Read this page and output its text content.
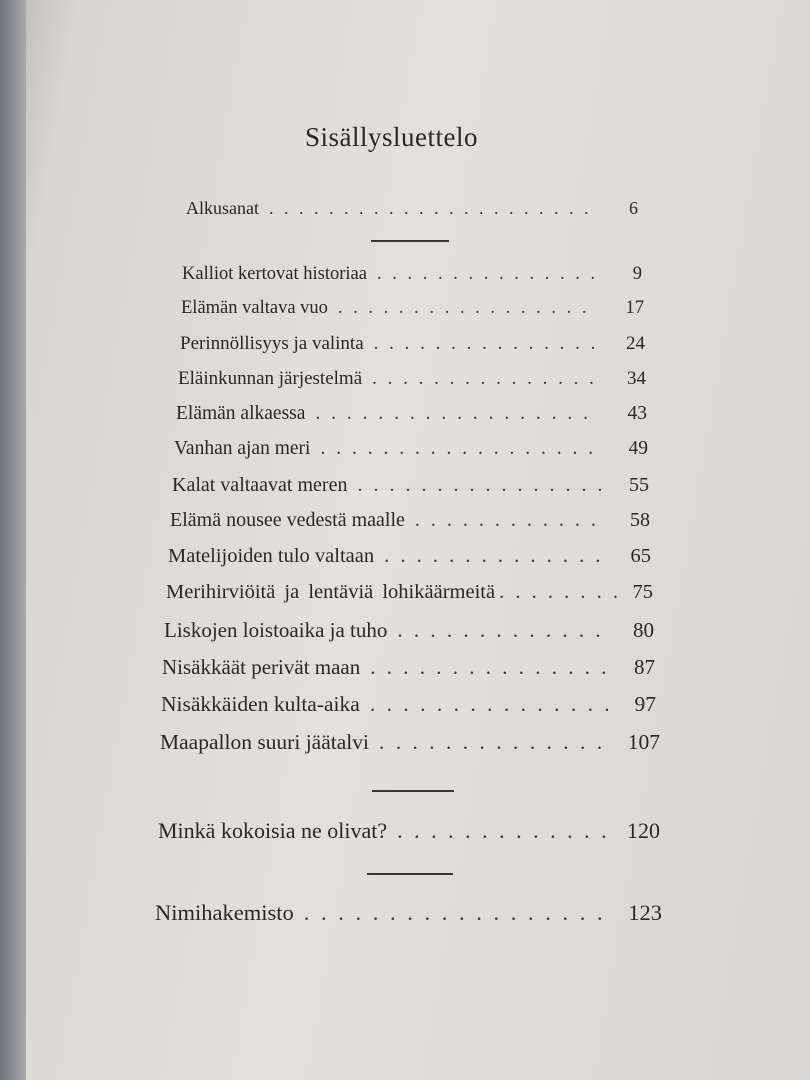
Sisällysluettelo
Alkusanat . . .	6
Kalliot kertovat historiaa . . .	9
Elämän valtava vuo . . .	17
Perinnöllisyys ja valinta . . .	24
Eläinkunnan järjestelmä . . .	34
Elämän alkaessa . . .	43
Vanhan ajan meri . . .	49
Kalat valtaavat meren . . .	55
Elämä nousee vedestä maalle . . .	58
Matelijoiden tulo valtaan . . .	65
Merihirviöitä ja lentäviä lohikäärmeitä . . .	75
Liskojen loistoaika ja tuho . . .	80
Nisäkkäät perivät maan . . .	87
Nisäkkäiden kulta-aika . . .	97
Maapallon suuri jäätalvi . . .	107
Minkä kokoisia ne olivat? . . .	120
Nimihakemisto . . .	123
